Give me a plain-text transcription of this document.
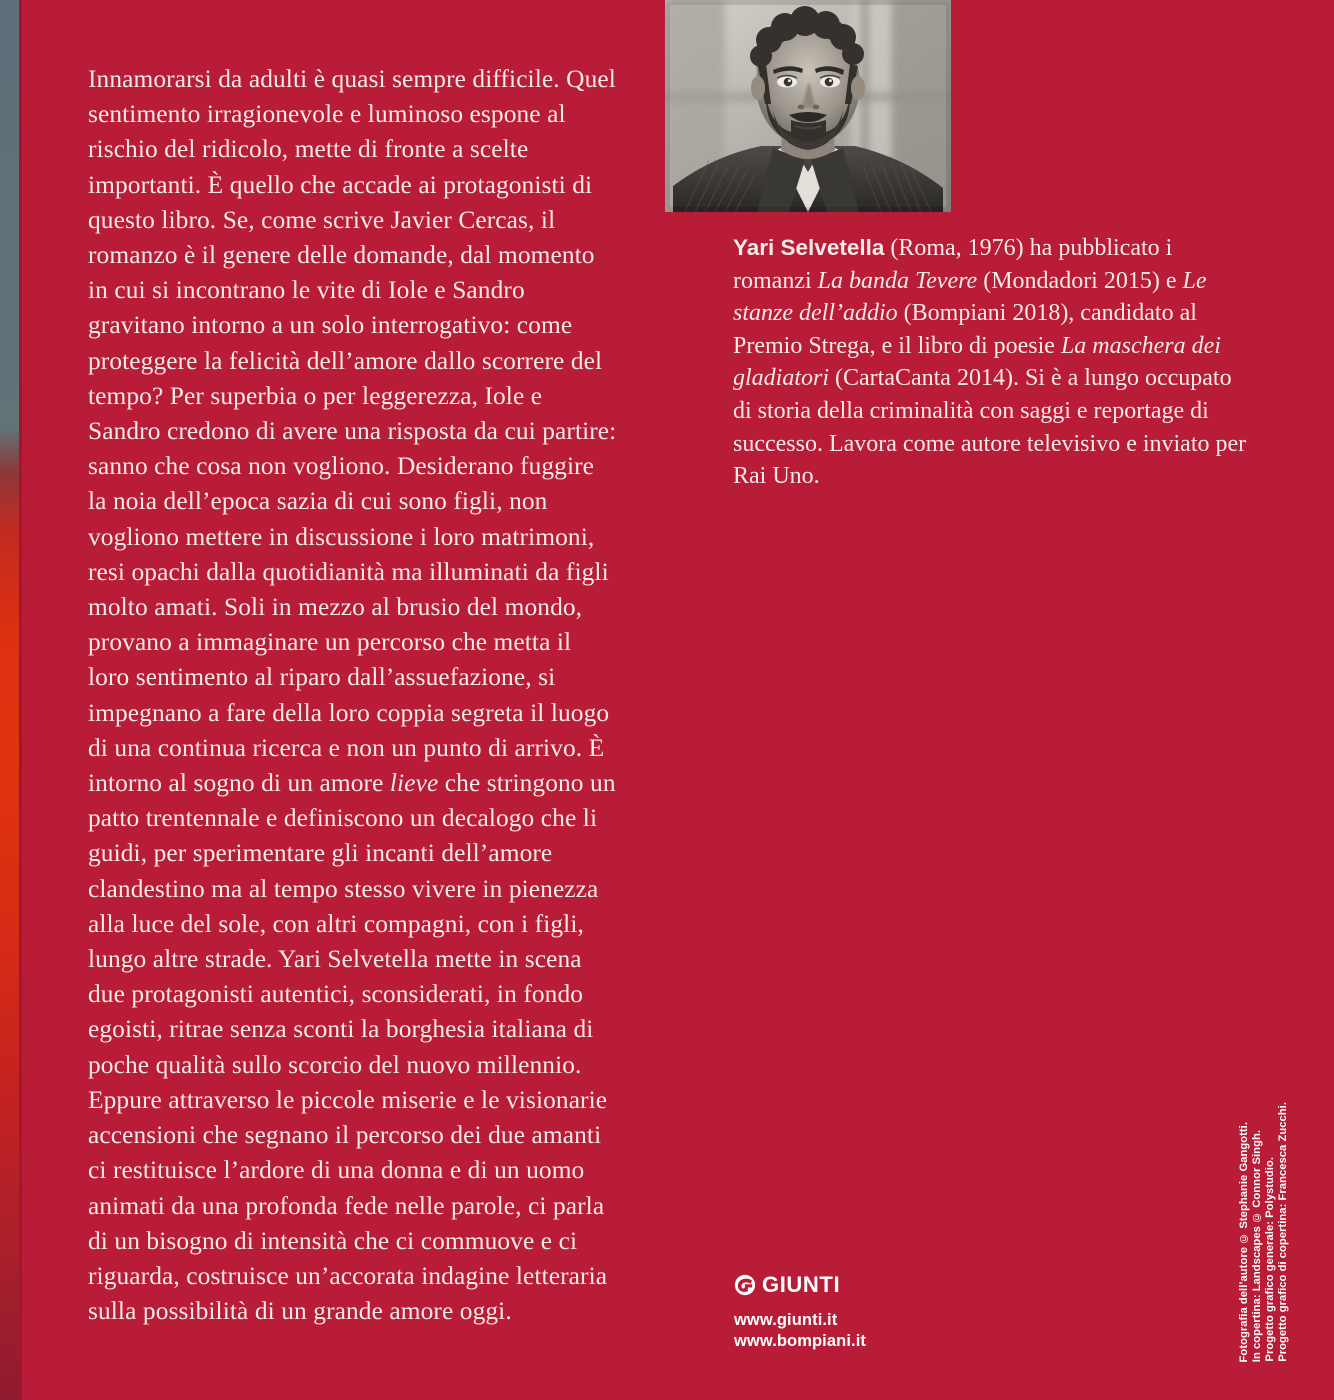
Innamorarsi da adulti è quasi sempre difficile. Quel sentimento irragionevole e luminoso espone al rischio del ridicolo, mette di fronte a scelte importanti. È quello che accade ai protagonisti di questo libro. Se, come scrive Javier Cercas, il romanzo è il genere delle domande, dal momento in cui si incontrano le vite di Iole e Sandro gravitano intorno a un solo interrogativo: come proteggere la felicità dell’amore dallo scorrere del tempo? Per superbia o per leggerezza, Iole e Sandro credono di avere una risposta da cui partire: sanno che cosa non vogliono. Desiderano fuggire la noia dell’epoca sazia di cui sono figli, non vogliono mettere in discussione i loro matrimoni, resi opachi dalla quotidianità ma illuminati da figli molto amati. Soli in mezzo al brusio del mondo, provano a immaginare un percorso che metta il loro sentimento al riparo dall’assuefazione, si impegnano a fare della loro coppia segreta il luogo di una continua ricerca e non un punto di arrivo. È intorno al sogno di un amore lieve che stringono un patto trentennale e definiscono un decalogo che li guidi, per sperimentare gli incanti dell’amore clandestino ma al tempo stesso vivere in pienezza alla luce del sole, con altri compagni, con i figli, lungo altre strade. Yari Selvetella mette in scena due protagonisti autentici, sconsiderati, in fondo egoisti, ritrae senza sconti la borghesia italiana di poche qualità sullo scorcio del nuovo millennio. Eppure attraverso le piccole miserie e le visionarie accensioni che segnano il percorso dei due amanti ci restituisce l’ardore di una donna e di un uomo animati da una profonda fede nelle parole, ci parla di un bisogno di intensità che ci commuove e ci riguarda, costruisce un’accorata indagine letteraria sulla possibilità di un grande amore oggi.
Yari Selvetella (Roma, 1976) ha pubblicato i romanzi La banda Tevere (Mondadori 2015) e Le stanze dell’addio (Bompiani 2018), candidato al Premio Strega, e il libro di poesie La maschera dei gladiatori (CartaCanta 2014). Si è a lungo occupato di storia della criminalità con saggi e reportage di successo. Lavora come autore televisivo e inviato per Rai Uno.
GIUNTI
www.giunti.it
www.bompiani.it	Fotografia dell’autore © Stephanie Gangotti. In copertina: Landscapes © Connor Singh. Progetto grafico generale: Polystudio. Progetto grafico di copertina: Francesca Zucchi.
